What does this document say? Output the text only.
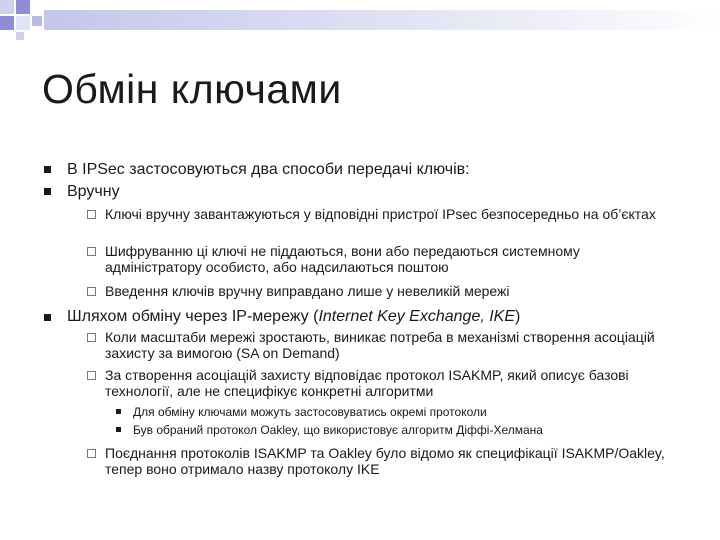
Обмін ключами
В IPSec застосовуються два способи передачі ключів:
Вручну
Ключі вручну завантажуються у відповідні пристрої IPsec безпосередньо на об’єктах
Шифруванню ці ключі не піддаються, вони або передаються системному адміністратору особисто, або надсилаються поштою
Введення ключів вручну виправдано лише у невеликій мережі
Шляхом обміну через IP-мережу (Internet Key Exchange, IKE)
Коли масштаби мережі зростають, виникає потреба в механізмі створення асоціацій захисту за вимогою (SA on Demand)
За створення асоціацій захисту відповідає протокол ISAKMP, який описує базові технології, але не специфікує конкретні алгоритми
Для обміну ключами можуть застосовуватись окремі протоколи
Був обраний протокол Oakley, що використовує алгоритм Діффі-Хелмана
Поєднання протоколів ISAKMP та Oakley було відомо як специфікації ISAKMP/Oakley, тепер воно отримало назву протоколу IKE
